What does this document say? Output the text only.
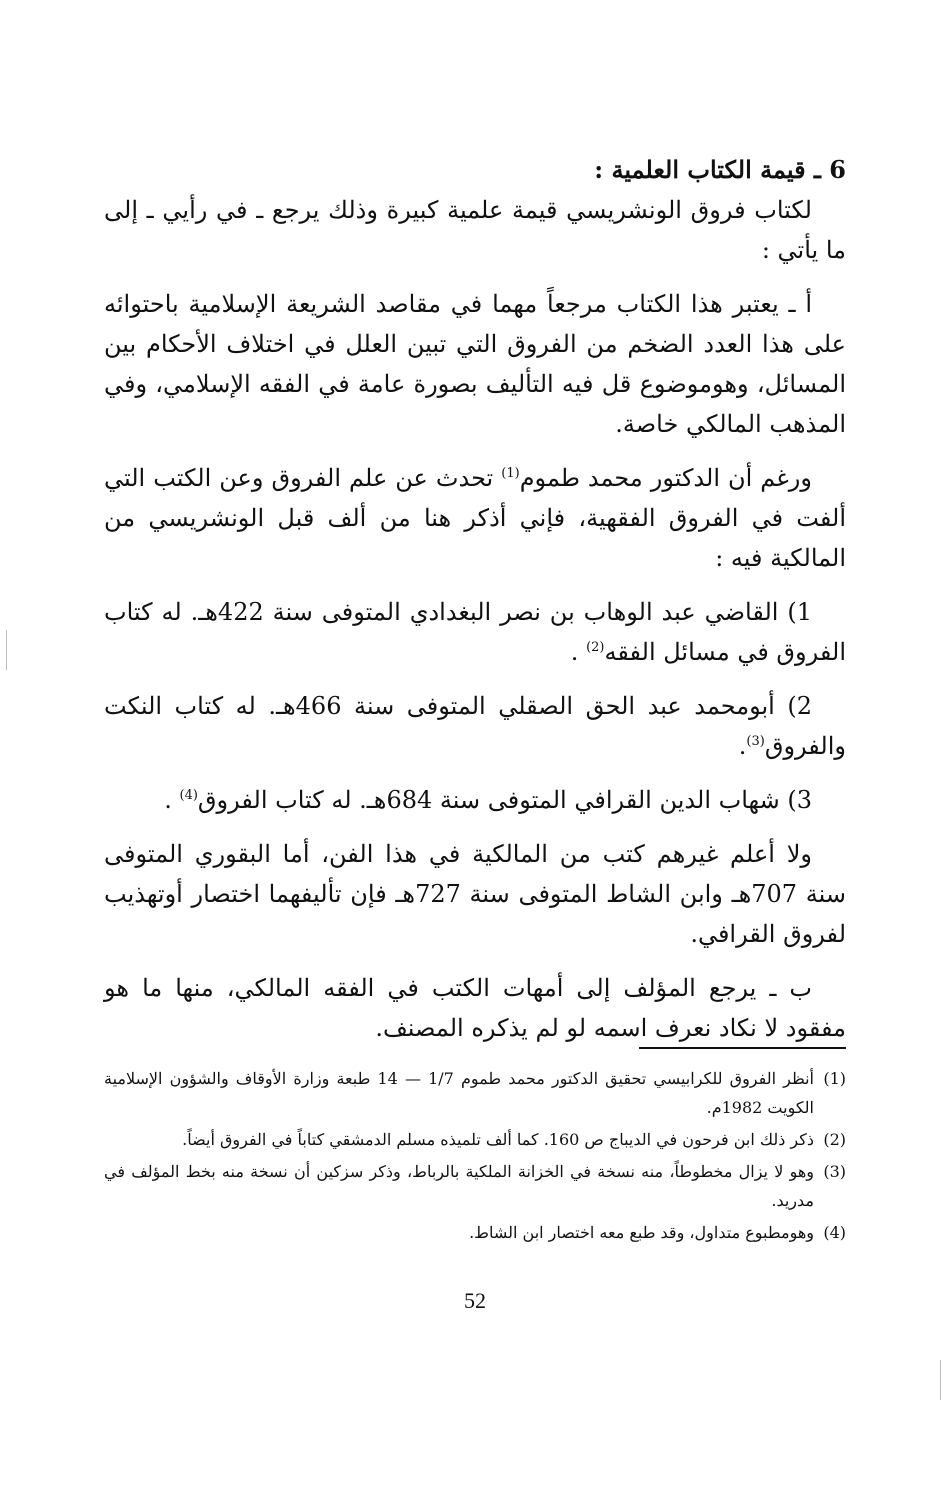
6 ـ قيمة الكتاب العلمية :
لكتاب فروق الونشريسي قيمة علمية كبيرة وذلك يرجع ـ في رأيي ـ إلى ما يأتي :
أ ـ يعتبر هذا الكتاب مرجعاً مهما في مقاصد الشريعة الإسلامية باحتوائه على هذا العدد الضخم من الفروق التي تبين العلل في اختلاف الأحكام بين المسائل، وهوموضوع قل فيه التأليف بصورة عامة في الفقه الإسلامي، وفي المذهب المالكي خاصة.
ورغم أن الدكتور محمد طموم$^{(1)}$ تحدث عن علم الفروق وعن الكتب التي ألفت في الفروق الفقهية، فإني أذكر هنا من ألف قبل الونشريسي من المالكية فيه :
1) القاضي عبد الوهاب بن نصر البغدادي المتوفى سنة 422هـ. له كتاب الفروق في مسائل الفقه$^{(2)}$ .
2) أبومحمد عبد الحق الصقلي المتوفى سنة 466هـ. له كتاب النكت والفروق$^{(3)}$.
3) شهاب الدين القرافي المتوفى سنة 684هـ. له كتاب الفروق$^{(4)}$ .
ولا أعلم غيرهم كتب من المالكية في هذا الفن، أما البقوري المتوفى سنة 707هـ وابن الشاط المتوفى سنة 727هـ فإن تأليفهما اختصار أوتهذيب لفروق القرافي.
ب ـ يرجع المؤلف إلى أمهات الكتب في الفقه المالكي، منها ما هو مفقود لا نكاد نعرف اسمه لو لم يذكره المصنف.
(1)
أنظر الفروق للكرابيسي تحقيق الدكتور محمد طموم 1/7 — 14 طبعة وزارة الأوقاف والشؤون الإسلامية الكويت 1982م.
(2)
ذكر ذلك ابن فرحون في الديباج ص 160. كما ألف تلميذه مسلم الدمشقي كتاباً في الفروق أيضاً.
(3)
وهو لا يزال مخطوطاً، منه نسخة في الخزانة الملكية بالرباط، وذكر سزكين أن نسخة منه بخط المؤلف في مدريد.
(4)
وهومطبوع متداول، وقد طبع معه اختصار ابن الشاط.
52
